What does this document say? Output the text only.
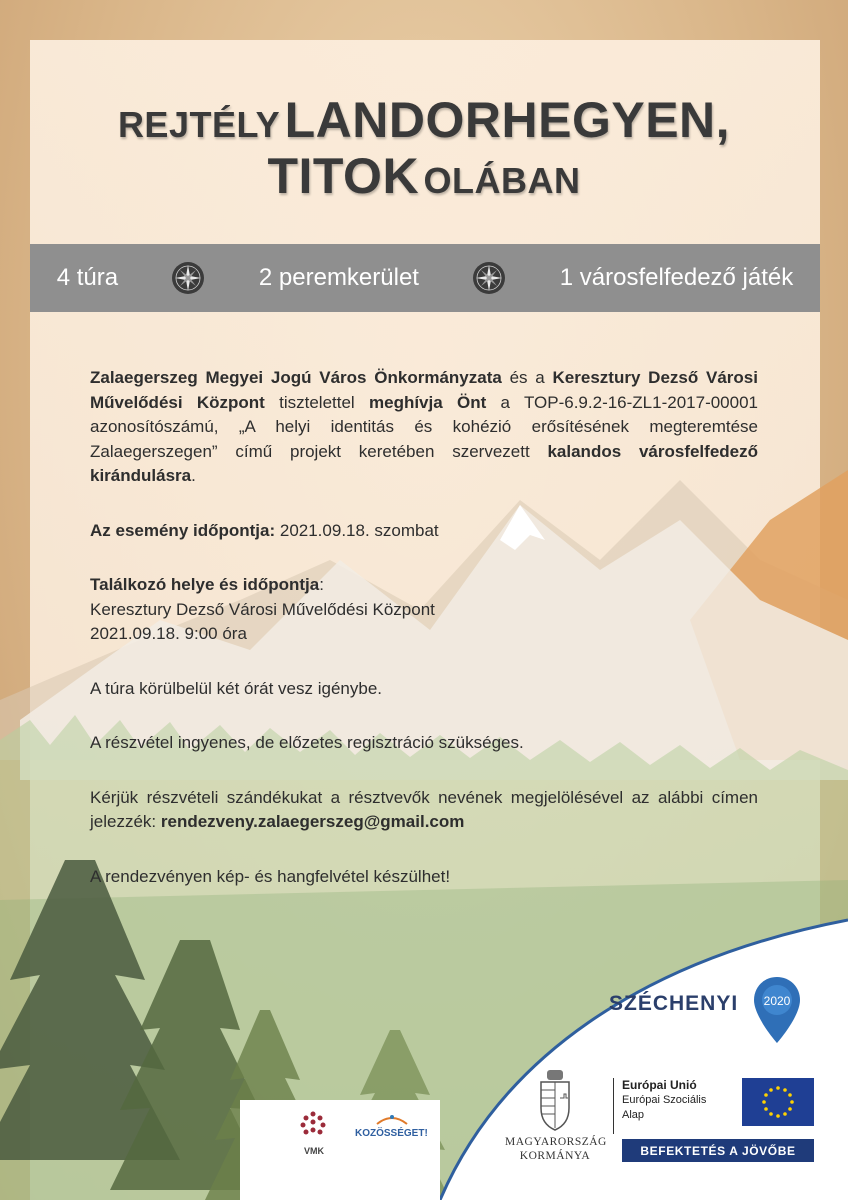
REJTÉLY LANDORHEGYEN,
TITOK OLÁBAN
4 túra	2 peremkerület	1 városfelfedező játék

Zalaegerszeg Megyei Jogú Város Önkormányzata és a Keresztury Dezső Városi Művelődési Központ tisztelettel meghívja Önt a TOP-6.9.2-16-ZL1-2017-00001 azonosítószámú, „A helyi identitás és kohézió erősítésének megteremtése Zalaegerszegen” című projekt keretében szervezett kalandos városfelfedező kirándulásra.

Az esemény időpontja: 2021.09.18. szombat

Találkozó helye és időpontja:

Keresztury Dezső Városi Művelődési Központ

2021.09.18. 9:00 óra

A túra körülbelül két órát vesz igénybe.

A részvétel ingyenes, de előzetes regisztráció szükséges.

Kérjük részvételi szándékukat a résztvevők nevének megjelölésével az alábbi címen jelezzék: rendezveny.zalaegerszeg@gmail.com

A rendezvényen kép- és hangfelvétel készülhet!

VMK
KOZÖSSÉGET!
SZÉCHENYI 2020
MAGYARORSZÁG
KORMÁNYA
Európai Unió
Európai Szociális
Alap
BEFEKTETÉS A JÖVŐBE
